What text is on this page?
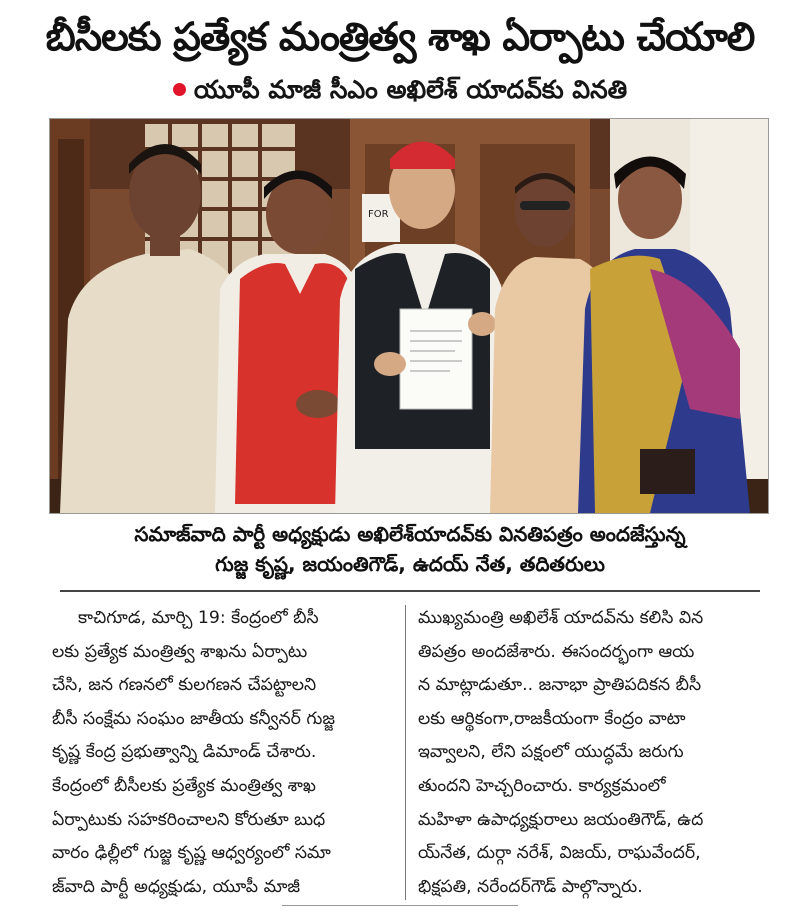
బీసీలకు ప్రత్యేక మంత్రిత్వ శాఖ ఏర్పాటు చేయాలి
యూపీ మాజీ సీఎం అఖిలేశ్ యాదవ్‌కు వినతి
FOR
సమాజ్‌వాది పార్టీ అధ్యక్షుడు అఖిలేశ్‌యాదవ్‌కు వినతిపత్రం అందజేస్తున్న
గుజ్జ కృష్ణ, జయంతిగౌడ్, ఉదయ్ నేత, తదితరులు
కాచిగూడ, మార్చి 19: కేంద్రంలో బీసీ
లకు ప్రత్యేక మంత్రిత్వ శాఖను ఏర్పాటు
చేసి, జన గణనలో కులగణన చేపట్టాలని
బీసీ సంక్షేమ సంఘం జాతీయ కన్వీనర్ గుజ్జ
కృష్ణ కేంద్ర ప్రభుత్వాన్ని డిమాండ్ చేశారు.
కేంద్రంలో బీసీలకు ప్రత్యేక మంత్రిత్వ శాఖ
ఏర్పాటుకు సహకరించాలని కోరుతూ బుధ
వారం ఢిల్లీలో గుజ్జ కృష్ణ ఆధ్వర్యంలో సమా
జ్‌వాది పార్టీ అధ్యక్షుడు, యూపీ మాజీ
ముఖ్యమంత్రి అఖిలేశ్ యాదవ్‌ను కలిసి విన
తిపత్రం అందజేశారు. ఈసందర్భంగా ఆయ
న మాట్లాడుతూ.. జనాభా ప్రాతిపదికన బీసీ
లకు ఆర్థికంగా,రాజకీయంగా కేంద్రం వాటా
ఇవ్వాలని, లేని పక్షంలో యుద్ధమే జరుగు
తుందని హెచ్చరించారు. కార్యక్రమంలో
మహిళా ఉపాధ్యక్షురాలు జయంతిగౌడ్, ఉద
య్‌నేత, దుర్గా నరేశ్, విజయ్, రాఘవేందర్,
భిక్షపతి, నరేందర్‌గౌడ్ పాల్గొన్నారు.
